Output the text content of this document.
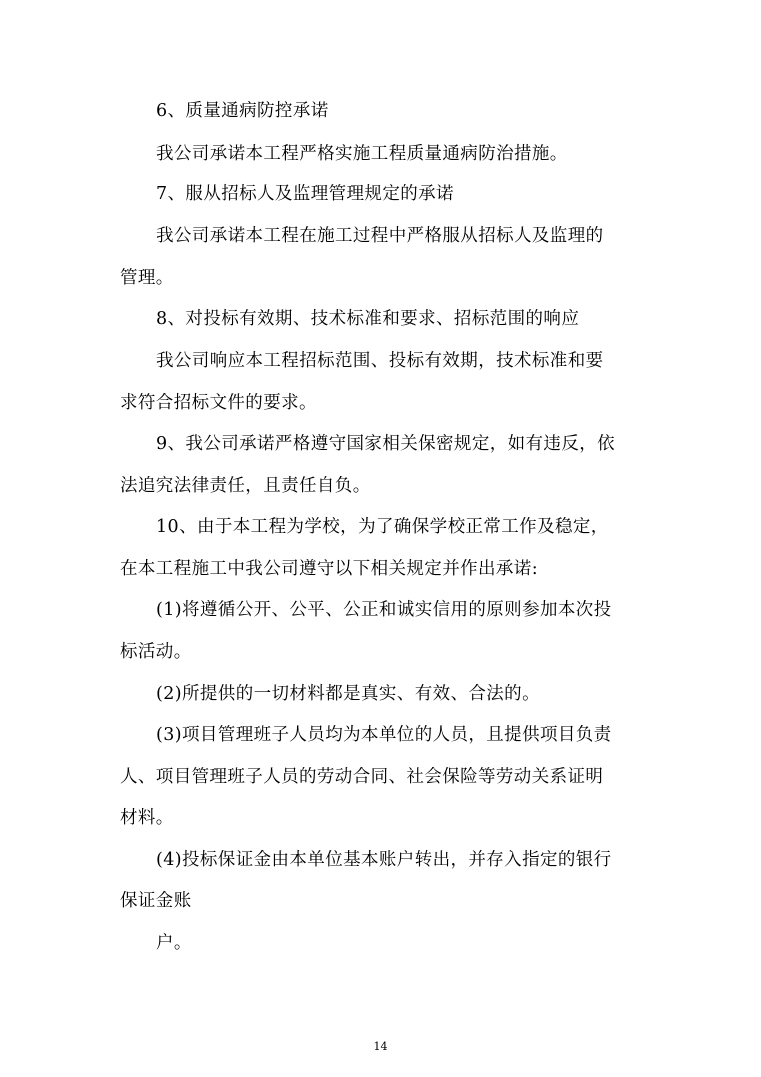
6、质量通病防控承诺
我公司承诺本工程严格实施工程质量通病防治措施。
7、服从招标人及监理管理规定的承诺
我公司承诺本工程在施工过程中严格服从招标人及监理的
管理。
8、对投标有效期、技术标准和要求、招标范围的响应
我公司响应本工程招标范围、投标有效期，技术标准和要
求符合招标文件的要求。
9、我公司承诺严格遵守国家相关保密规定，如有违反，依
法追究法律责任，且责任自负。
10、由于本工程为学校，为了确保学校正常工作及稳定，
在本工程施工中我公司遵守以下相关规定并作出承诺:
(1)将遵循公开、公平、公正和诚实信用的原则参加本次投
标活动。
(2)所提供的一切材料都是真实、有效、合法的。
(3)项目管理班子人员均为本单位的人员，且提供项目负责
人、项目管理班子人员的劳动合同、社会保险等劳动关系证明
材料。
(4)投标保证金由本单位基本账户转出，并存入指定的银行
保证金账
户。
14
